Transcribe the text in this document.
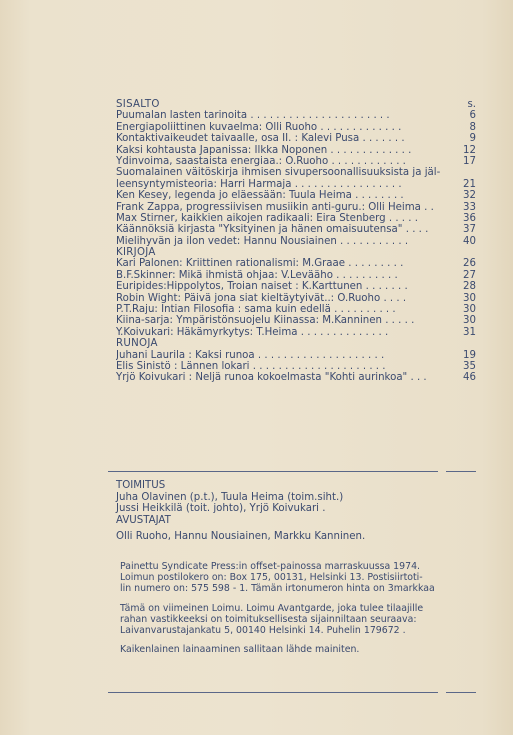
SISÄLTÖ	s.
Puumalan lasten tarinoita . . . . . . . . . . . . . . . . . . . . . .	6
Energiapoliittinen kuvaelma: Olli Ruoho . . . . . . . . . . . . .	8
Kontaktivaikeudet taivaalle, osa II. : Kalevi Pusa . . . . . . .	9
Kaksi kohtausta Japanissa: Ilkka Noponen . . . . . . . . . . . . .	12
Ydinvoima, saastaista energiaa.: O.Ruoho . . . . . . . . . . . .	17
Suomalainen väitöskirja ihmisen sivupersoonallisuuksista ja jäl-
leensyntymisteoria: Harri Harmaja . . . . . . . . . . . . . . . . .	21
Ken Kesey, legenda jo eläessään: Tuula Heima . . . . . . . .	32
Frank Zappa, progressiivisen musiikin anti-guru.: Olli Heima . .	33
Max Stirner, kaikkien aikojen radikaali: Eira Stenberg . . . . .	36
Käännöksiä kirjasta "Yksityinen ja hänen omaisuutensa" . . . .	37
Mielihyvän ja ilon vedet: Hannu Nousiainen . . . . . . . . . . .	40
KIRJOJA
Kari Palonen: Kriittinen rationalismi: M.Graae . . . . . . . . .	26
B.F.Skinner: Mikä ihmistä ohjaa: V.Levääho . . . . . . . . . .	27
Euripides:Hippolytos, Troian naiset : K.Karttunen . . . . . . .	28
Robin Wight: Päivä jona siat kieltäytyivät..: O.Ruoho . . . .	30
P.T.Raju: Intian Filosofia : sama kuin edellä . . . . . . . . . .	30
Kiina-sarja: Ympäristönsuojelu Kiinassa: M.Kanninen . . . . .	30
Y.Koivukari: Häkämyrkytys: T.Heima . . . . . . . . . . . . . .	31
RUNOJA
Juhani Laurila : Kaksi runoa . . . . . . . . . . . . . . . . . . . .	19
Elis Sinistö : Lännen lokari . . . . . . . . . . . . . . . . . . . . .	35
Yrjö Koivukari : Neljä runoa kokoelmasta "Kohti aurinkoa" . . .	46
TOIMITUS
Juha Olavinen (p.t.), Tuula Heima (toim.siht.)
Jussi Heikkilä (toit. johto), Yrjö Koivukari .
AVUSTAJAT
Olli Ruoho, Hannu Nousiainen, Markku Kanninen.
Painettu Syndicate Press:in offset-painossa marraskuussa 1974.
Loimun postilokero on: Box 175, 00131, Helsinki 13. Postisiirtoti-
lin numero on: 575 598 - 1. Tämän irtonumeron hinta on 3markkaa
Tämä on viimeinen Loimu. Loimu Avantgarde, joka tulee tilaajille
rahan vastikkeeksi on toimituksellisesta sijainniltaan seuraava:
Laivanvarustajankatu 5, 00140 Helsinki 14. Puhelin 179672 .
Kaikenlainen lainaaminen sallitaan lähde mainiten.
